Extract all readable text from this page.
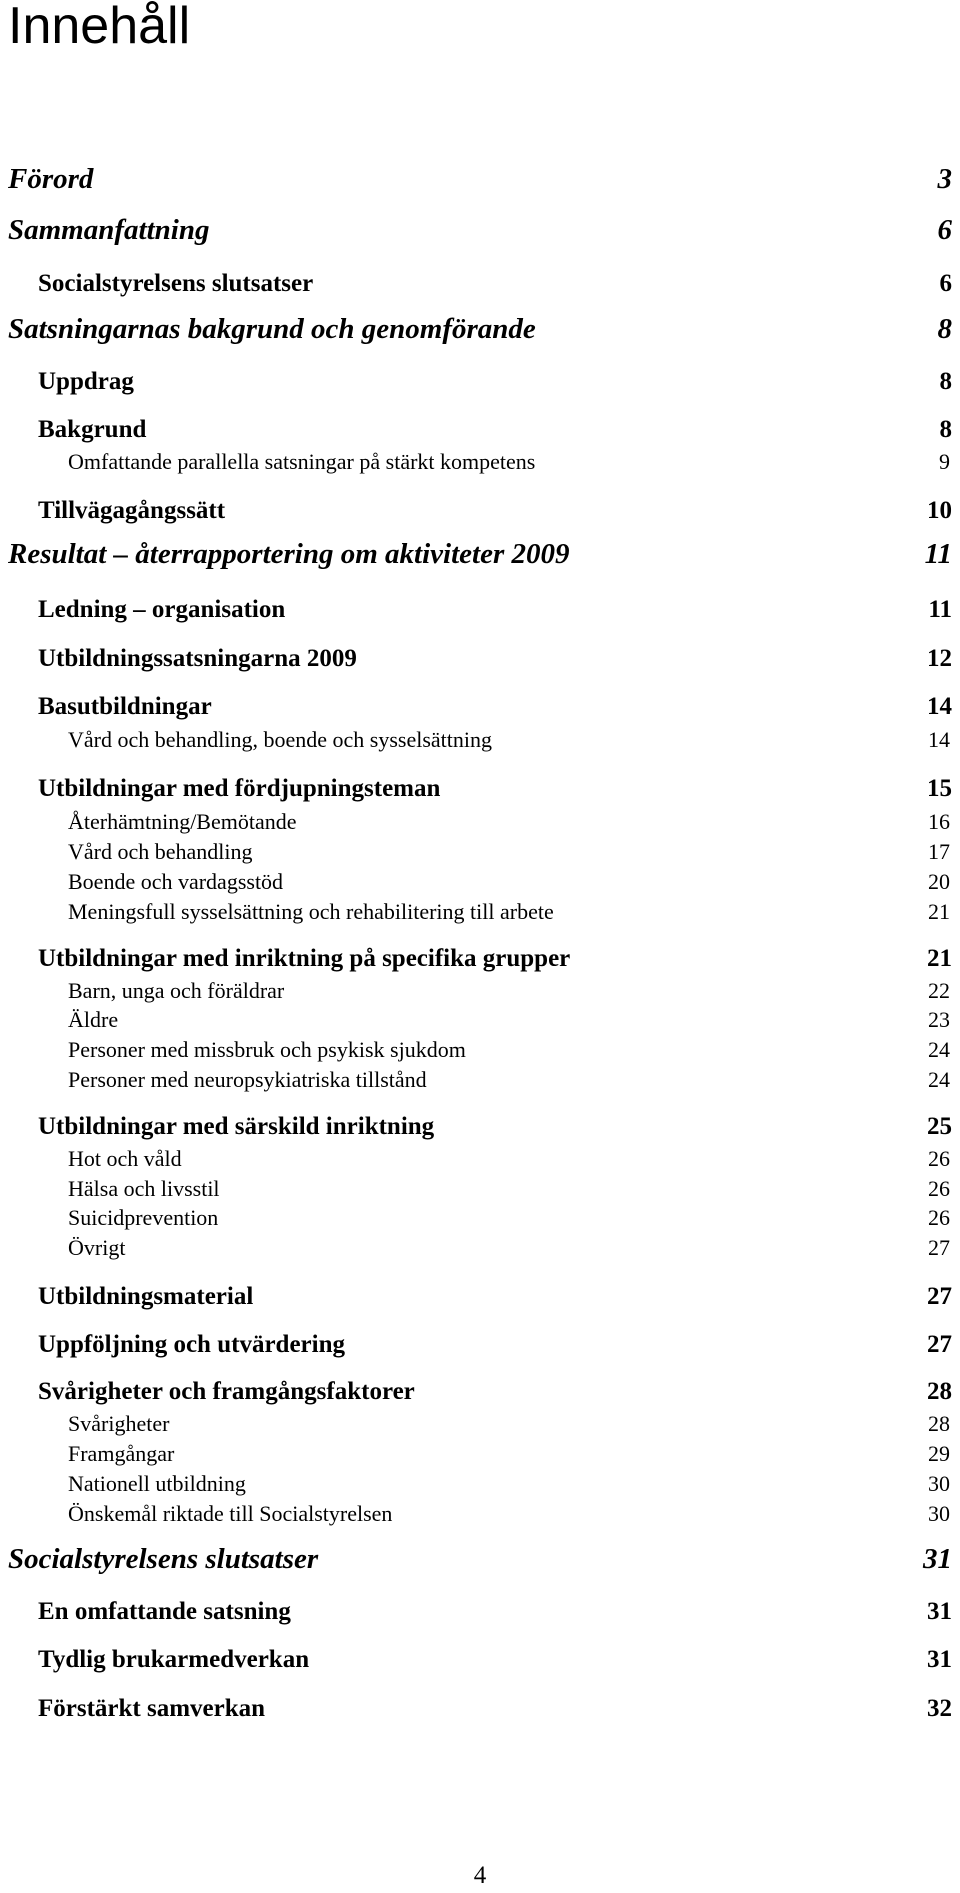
Innehåll
Förord	3
Sammanfattning	6
Socialstyrelsens slutsatser	6
Satsningarnas bakgrund och genomförande	8
Uppdrag	8
Bakgrund	8
Omfattande parallella satsningar på stärkt kompetens	9
Tillvägagångssätt	10
Resultat – återrapportering om aktiviteter 2009	11
Ledning – organisation	11
Utbildningssatsningarna 2009	12
Basutbildningar	14
Vård och behandling, boende och sysselsättning	14
Utbildningar med fördjupningsteman	15
Återhämtning/Bemötande	16
Vård och behandling	17
Boende och vardagsstöd	20
Meningsfull sysselsättning och rehabilitering till arbete	21
Utbildningar med inriktning på specifika grupper	21
Barn, unga och föräldrar	22
Äldre	23
Personer med missbruk och psykisk sjukdom	24
Personer med neuropsykiatriska tillstånd	24
Utbildningar med särskild inriktning	25
Hot och våld	26
Hälsa och livsstil	26
Suicidprevention	26
Övrigt	27
Utbildningsmaterial	27
Uppföljning och utvärdering	27
Svårigheter och framgångsfaktorer	28
Svårigheter	28
Framgångar	29
Nationell utbildning	30
Önskemål riktade till Socialstyrelsen	30
Socialstyrelsens slutsatser	31
En omfattande satsning	31
Tydlig brukarmedverkan	31
Förstärkt samverkan	32
4
